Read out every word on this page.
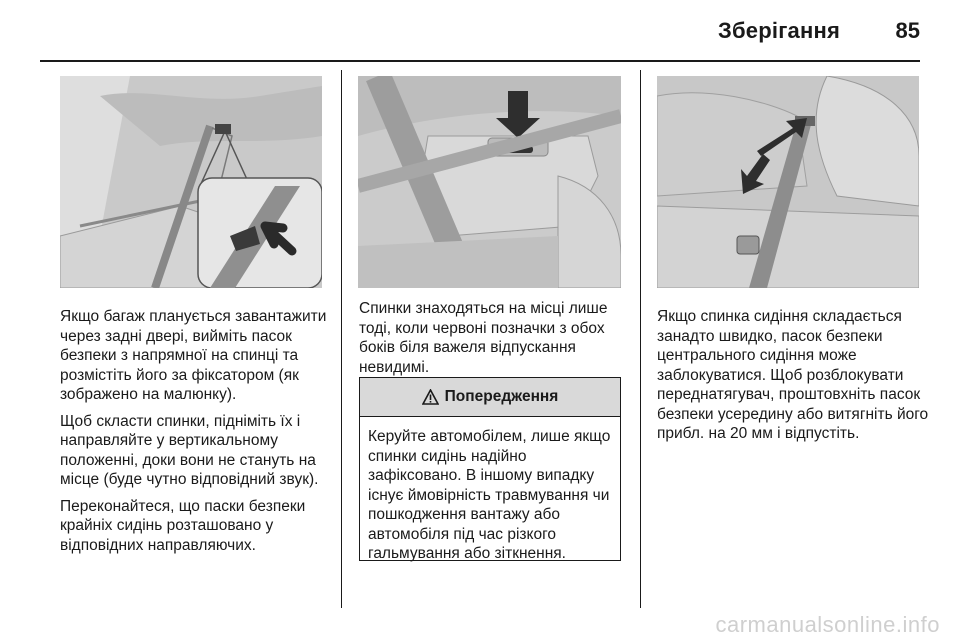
Зберігання	85

Якщо багаж планується завантажити через задні двері, вийміть пасок безпеки з напрямної на спинці та розмістіть його за фіксатором (як зображено на малюнку).

Щоб скласти спинки, підніміть їх і направляйте у вертикальному положенні, доки вони не стануть на місце (буде чутно відповідний звук).

Переконайтеся, що паски безпеки крайніх сидінь розташовано у відповідних направляючих.

Спинки знаходяться на місці лише тоді, коли червоні позначки з обох боків біля важеля відпускання невидимі.

Попередження
Керуйте автомобілем, лише якщо спинки сидінь надійно зафіксовано. В іншому випадку існує ймовірність травмування чи пошкодження вантажу або автомобіля під час різкого гальмування або зіткнення.

Якщо спинка сидіння складається занадто швидко, пасок безпеки центрального сидіння може заблокуватися. Щоб розблокувати переднатягувач, проштовхніть пасок безпеки усередину або витягніть його прибл. на 20 мм і відпустіть.

carmanualsonline.info
